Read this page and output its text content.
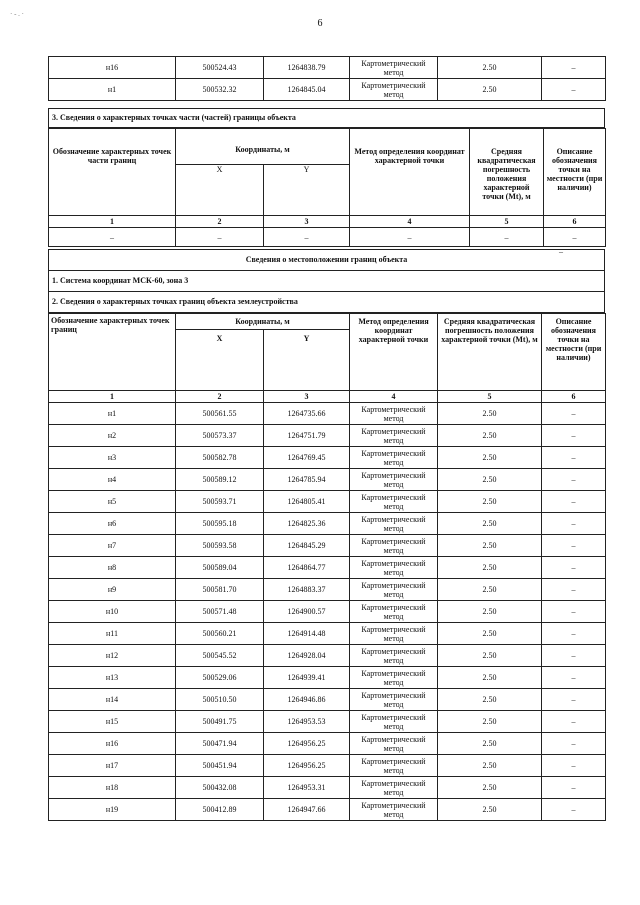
· - . ·
6
н16	500524.43	1264838.79	Картометрический метод	2.50	–
н1	500532.32	1264845.04	Картометрический метод	2.50	–
3. Сведения о характерных точках части (частей) границы объекта
Обозначение характерных точек части границ	Координаты, м		Метод определения координат характерной точки	Средняя квадратическая погрешность положения характерной точки (Мt), м	Описание обозначения точки на местности (при наличии)
	X	Y			
1	2	3	4	5	6
–	–	–	–	–	–
–
Сведения о местоположении границ объекта
1. Система координат МСК-60, зона 3
2. Сведения о характерных точках границ объекта землеустройства
Обозначение характерных точек границ	Координаты, м		Метод определения координат характерной точки	Средняя квадратическая погрешность положения характерной точки (Мt), м	Описание обозначения точки на местности (при наличии)
	X	Y			
1	2	3	4	5	6
н1	500561.55	1264735.66	Картометрический метод	2.50	–
н2	500573.37	1264751.79	Картометрический метод	2.50	–
н3	500582.78	1264769.45	Картометрический метод	2.50	–
н4	500589.12	1264785.94	Картометрический метод	2.50	–
н5	500593.71	1264805.41	Картометрический метод	2.50	–
н6	500595.18	1264825.36	Картометрический метод	2.50	–
н7	500593.58	1264845.29	Картометрический метод	2.50	–
н8	500589.04	1264864.77	Картометрический метод	2.50	–
н9	500581.70	1264883.37	Картометрический метод	2.50	–
н10	500571.48	1264900.57	Картометрический метод	2.50	–
н11	500560.21	1264914.48	Картометрический метод	2.50	–
н12	500545.52	1264928.04	Картометрический метод	2.50	–
н13	500529.06	1264939.41	Картометрический метод	2.50	–
н14	500510.50	1264946.86	Картометрический метод	2.50	–
н15	500491.75	1264953.53	Картометрический метод	2.50	–
н16	500471.94	1264956.25	Картометрический метод	2.50	–
н17	500451.94	1264956.25	Картометрический метод	2.50	–
н18	500432.08	1264953.31	Картометрический метод	2.50	–
н19	500412.89	1264947.66	Картометрический метод	2.50	–
